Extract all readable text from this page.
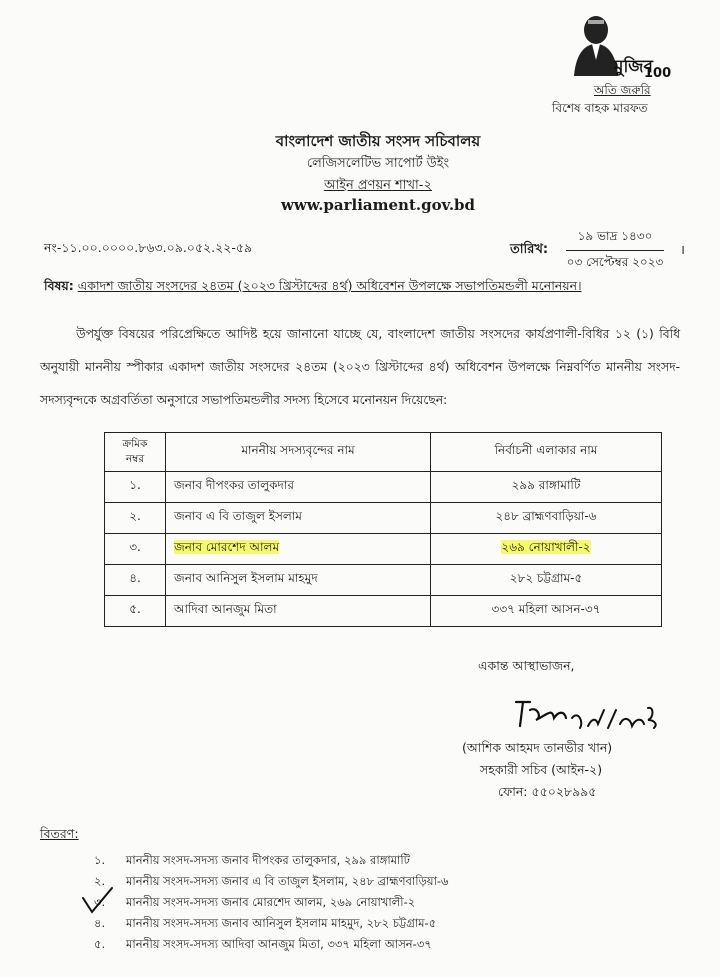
মুজিব
100
অতি জরুরি
বিশেষ বাহক মারফত
বাংলাদেশ জাতীয় সংসদ সচিবালয়
লেজিসলেটিভ সাপোর্ট উইং
আইন প্রণয়ন শাখা-২
www.parliament.gov.bd
নং-১১.০০.০০০০.৮৬৩.০৯.০৫২.২২-৫৯	তারিখ:
১৯ ভাদ্র ১৪৩০
০৩ সেপ্টেম্বর ২০২৩
।
বিষয়: একাদশ জাতীয় সংসদের ২৪তম (২০২৩ খ্রিস্টাব্দের ৪র্থ) অধিবেশন উপলক্ষে সভাপতিমন্ডলী মনোনয়ন।
উপর্যুক্ত বিষয়ের পরিপ্রেক্ষিতে আদিষ্ট হয়ে জানানো যাচ্ছে যে, বাংলাদেশ জাতীয় সংসদের কার্যপ্রণালী-বিধির ১২ (১) বিধি অনুযায়ী মাননীয় স্পীকার একাদশ জাতীয় সংসদের ২৪তম (২০২৩ খ্রিস্টাব্দের ৪র্থ) অধিবেশন উপলক্ষে নিম্নবর্ণিত মাননীয় সংসদ-সদস্যবৃন্দকে অগ্রবর্তিতা অনুসারে সভাপতিমন্ডলীর সদস্য হিসেবে মনোনয়ন দিয়েছেন:
ক্রমিক নম্বর	মাননীয় সদস্যবৃন্দের নাম	নির্বাচনী এলাকার নাম
১.	জনাব দীপংকর তালুকদার	২৯৯ রাঙ্গামাটি
২.	জনাব এ বি তাজুল ইসলাম	২৪৮ ব্রাহ্মণবাড়িয়া-৬
৩.	জনাব মোরশেদ আলম	২৬৯ নোয়াখালী-২
৪.	জনাব আনিসুল ইসলাম মাহমুদ	২৮২ চট্টগ্রাম-৫
৫.	আদিবা আনজুম মিতা	৩৩৭ মহিলা আসন-৩৭
একান্ত আস্থাভাজন,
(আশিক আহমদ তানভীর খান)
সহকারী সচিব (আইন-২)
ফোন: ৫৫০২৮৯৯৫
বিতরণ:
১. মাননীয় সংসদ-সদস্য জনাব দীপংকর তালুকদার, ২৯৯ রাঙ্গামাটি
২. মাননীয় সংসদ-সদস্য জনাব এ বি তাজুল ইসলাম, ২৪৮ ব্রাহ্মণবাড়িয়া-৬
৩. মাননীয় সংসদ-সদস্য জনাব মোরশেদ আলম, ২৬৯ নোয়াখালী-২
৪. মাননীয় সংসদ-সদস্য জনাব আনিসুল ইসলাম মাহমুদ, ২৮২ চট্টগ্রাম-৫
৫. মাননীয় সংসদ-সদস্য আদিবা আনজুম মিতা, ৩৩৭ মহিলা আসন-৩৭
